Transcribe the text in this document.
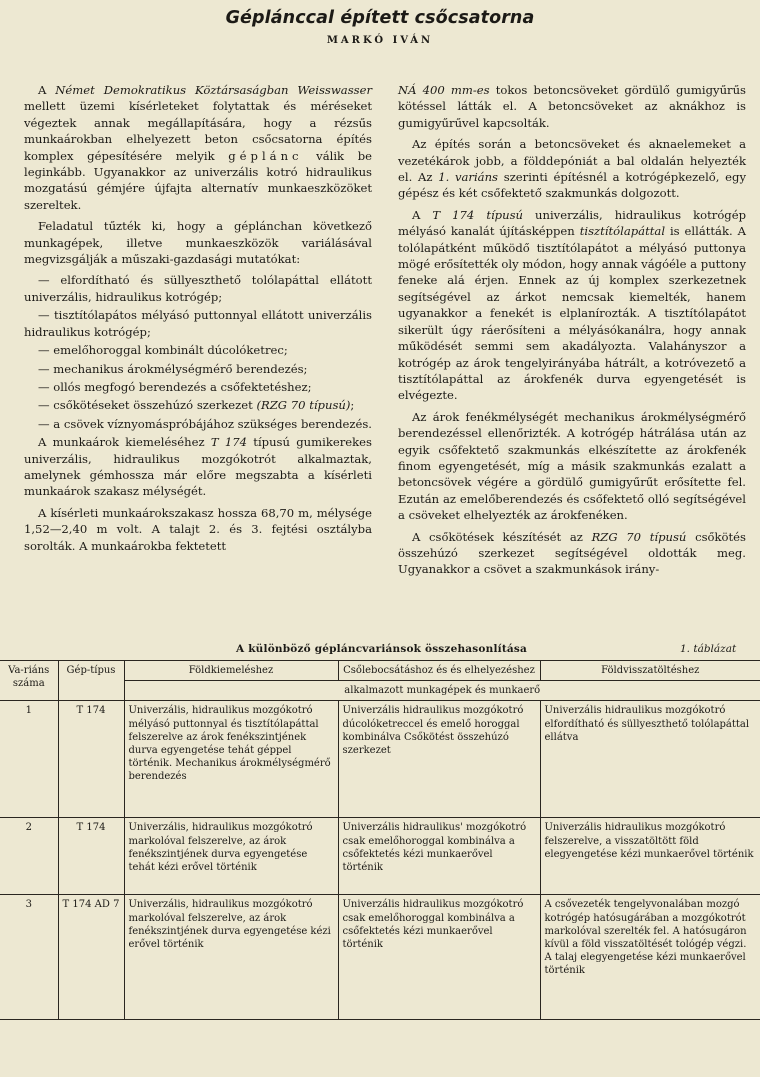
Géplánccal épített csőcsatorna
MARKÓ IVÁN

A Német Demokratikus Köztársaságban Weisswasser mellett üzemi kísérleteket folytattak és méréseket végeztek annak megállapítására, hogy a rézsűs munkaárokban elhelyezett beton csőcsatorna építés komplex gépesítésére melyik géplánc válik be leginkább. Ugyanakkor az univerzális kotró hidraulikus mozgatású gémjére újfajta alternatív munkaeszközöket szereltek.

Feladatul tűzték ki, hogy a géplánchan következő munkagépek, illetve munkaeszközök variálásával megvizsgálják a műszaki-gazdasági mutatókat:

— elfordítható és süllyeszthető tolólapáttal ellátott univerzális, hidraulikus kotrógép;

— tisztítólapátos mélyásó puttonnyal ellátott univerzális hidraulikus kotrógép;

— emelőhoroggal kombinált dúcolóketrec;

— mechanikus árokmélységmérő berendezés;

— ollós megfogó berendezés a csőfektetéshez;

— csőkötéseket összehúzó szerkezet (RZG 70 típusú);

— a csövek víznyomáspróbájához szükséges berendezés.

A munkaárok kiemeléséhez T 174 típusú gumikerekes univerzális, hidraulikus mozgókotrót alkalmaztak, amelynek gémhossza már előre megszabta a kísérleti munkaárok szakasz mélységét.

A kísérleti munkaárokszakasz hossza 68,70 m, mélysége 1,52—2,40 m volt. A talajt 2. és 3. fejtési osztályba sorolták. A munkaárokba fektetett

NÁ 400 mm-es tokos betoncsöveket gördülő gumigyűrűs kötéssel látták el. A betoncsöveket az aknákhoz is gumigyűrűvel kapcsolták.

Az építés során a betoncsöveket és aknaelemeket a vezetékárok jobb, a földdepóniát a bal oldalán helyezték el. Az 1. variáns szerinti építésnél a kotrógépkezelő, egy gépész és két csőfektető szakmunkás dolgozott.

A T 174 típusú univerzális, hidraulikus kotrógép mélyásó kanalát újításképpen tisztítólapáttal is ellátták. A tolólapátként működő tisztítólapátot a mélyásó puttonya mögé erősítették oly módon, hogy annak vágóéle a puttony feneke alá érjen. Ennek az új komplex szerkezetnek segítségével az árkot nemcsak kiemelték, hanem ugyanakkor a fenekét is elplanírozták. A tisztítólapátot sikerült úgy ráerősíteni a mélyásókanálra, hogy annak működését semmi sem akadályozta. Valahányszor a kotrógép az árok tengelyirányába hátrált, a kotróvezető a tisztítólapáttal az árokfenék durva egyengetését is elvégezte.

Az árok fenékmélységét mechanikus árokmélységmérő berendezéssel ellenőrizték. A kotrógép hátrálása után az egyik csőfektető szakmunkás elkészítette az árokfenék finom egyengetését, míg a másik szakmunkás ezalatt a betoncsövek végére a gördülő gumigyűrűt erősítette fel. Ezután az emelőberendezés és csőfektető olló segítségével a csöveket elhelyezték az árokfenéken.

A csőkötések készítését az RZG 70 típusú csőkötés összehúzó szerkezet segítségével oldották meg. Ugyanakkor a csövet a szakmunkások irány-

A különböző gépláncvariánsok összehasonlítása	1. táblázat
Va-riáns száma	Gép-típus	Földkiemeléshez	Csőlebocsátáshoz és és elhelyezéshez	Földvisszatöltéshez
		alkalmazott munkagépek és munkaerő		
1	T 174	Univerzális, hidraulikus mozgókotró mélyásó puttonnyal és tisztítólapáttal felszerelve az árok fenékszintjének durva egyengetése tehát géppel történik. Mechanikus árokmélységmérő berendezés	Univerzális hidraulikus mozgókotró dúcolóketreccel és emelő horoggal kombinálva Csőkötést összehúzó szerkezet	Univerzális hidraulikus mozgókotró elfordítható és süllyeszthető tolólapáttal ellátva
2	T 174	Univerzális, hidraulikus mozgókotró markolóval felszerelve, az árok fenékszintjének durva egyengetése tehát kézi erővel történik	Univerzális hidraulikus' mozgókotró csak emelőhoroggal kombinálva a csőfektetés kézi munkaerővel történik	Univerzális hidraulikus mozgókotró felszerelve, a visszatöltött föld elegyengetése kézi munkaerővel történik
3	T 174 AD 7	Univerzális, hidraulikus mozgókotró markolóval felszerelve, az árok fenékszintjének durva egyengetése kézi erővel történik	Univerzális hidraulikus mozgókotró csak emelőhoroggal kombinálva a csőfektetés kézi munkaerővel történik	A csővezeték tengelyvonalában mozgó kotrógép hatósugárában a mozgókotrót markolóval szerelték fel. A hatósugáron kívül a föld visszatöltését tológép végzi. A talaj elegyengetése kézi munkaerővel történik
